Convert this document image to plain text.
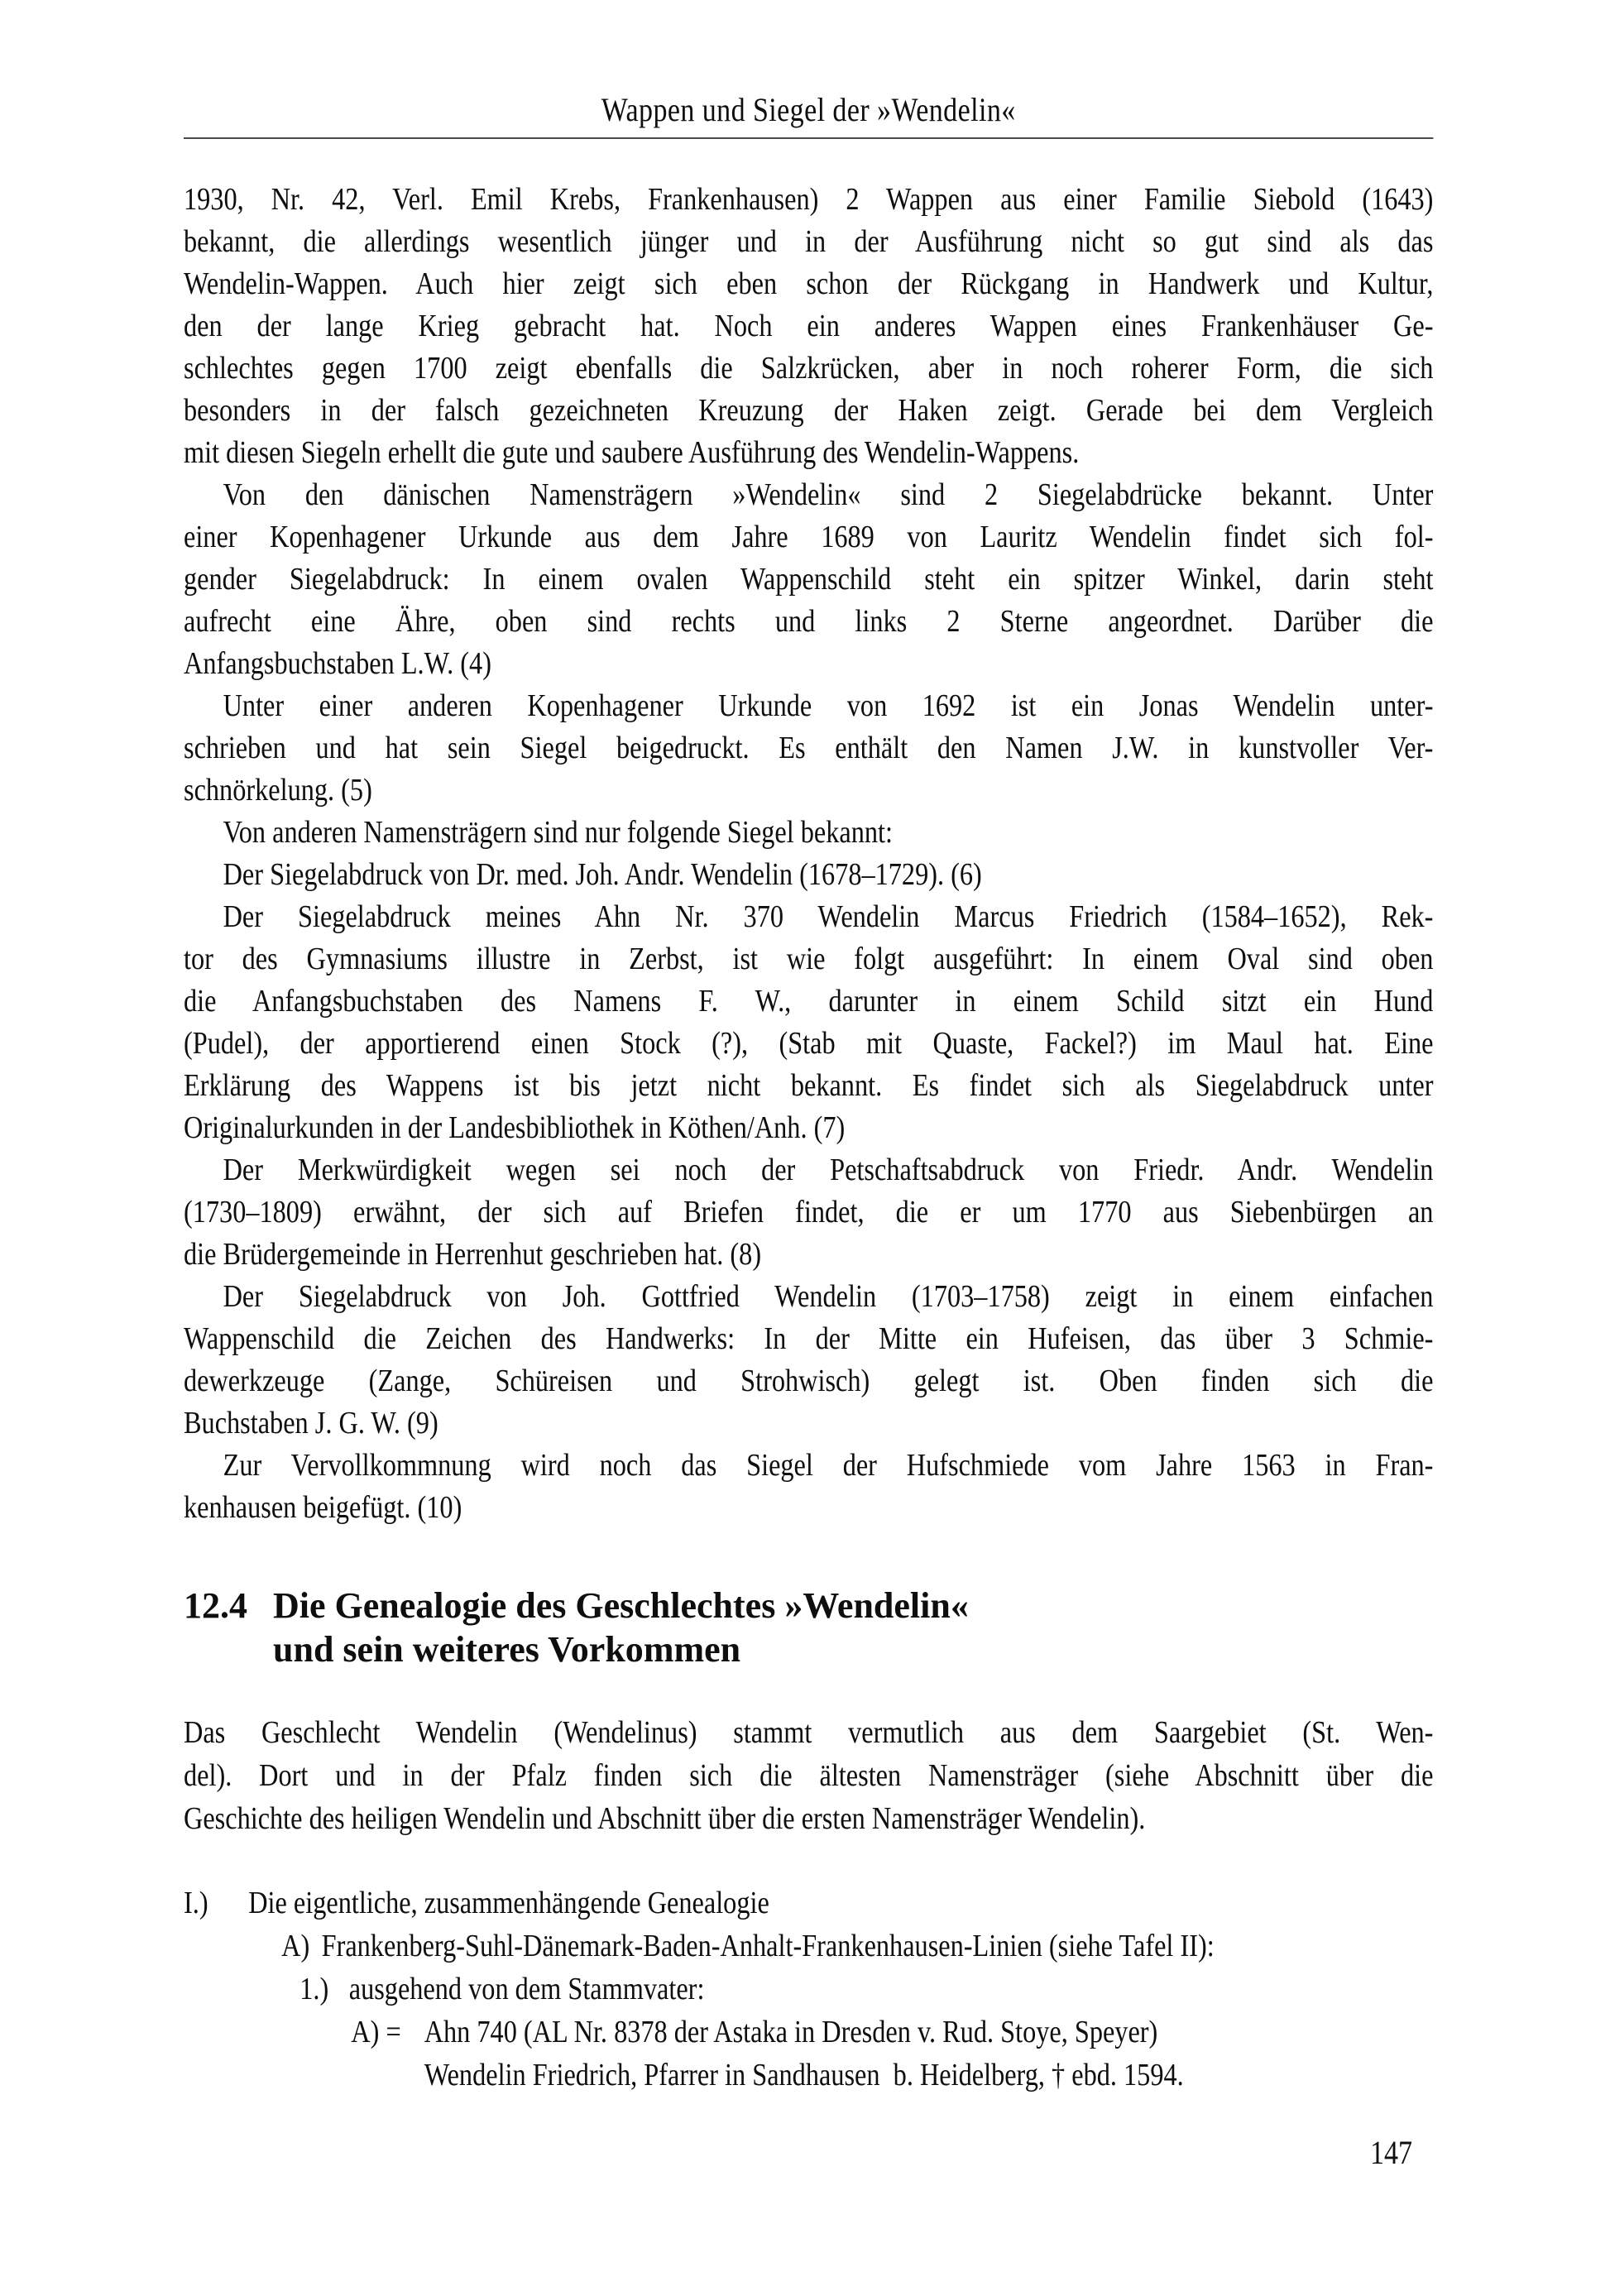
Wappen und Siegel der »Wendelin«
1930, Nr. 42, Verl. Emil Krebs, Frankenhausen) 2 Wappen aus einer Familie Siebold (1643)
bekannt, die allerdings wesentlich jünger und in der Ausführung nicht so gut sind als das
Wendelin-Wappen. Auch hier zeigt sich eben schon der Rückgang in Handwerk und Kultur,
den der lange Krieg gebracht hat. Noch ein anderes Wappen eines Frankenhäuser Ge-
schlechtes gegen 1700 zeigt ebenfalls die Salzkrücken, aber in noch roherer Form, die sich
besonders in der falsch gezeichneten Kreuzung der Haken zeigt. Gerade bei dem Vergleich
mit diesen Siegeln erhellt die gute und saubere Ausführung des Wendelin-Wappens.
Von den dänischen Namensträgern »Wendelin« sind 2 Siegelabdrücke bekannt. Unter
einer Kopenhagener Urkunde aus dem Jahre 1689 von Lauritz Wendelin findet sich fol-
gender Siegelabdruck: In einem ovalen Wappenschild steht ein spitzer Winkel, darin steht
aufrecht eine Ähre, oben sind rechts und links 2 Sterne angeordnet. Darüber die
Anfangsbuchstaben L.W. (4)
Unter einer anderen Kopenhagener Urkunde von 1692 ist ein Jonas Wendelin unter-
schrieben und hat sein Siegel beigedruckt. Es enthält den Namen J.W. in kunstvoller Ver-
schnörkelung. (5)
Von anderen Namensträgern sind nur folgende Siegel bekannt:
Der Siegelabdruck von Dr. med. Joh. Andr. Wendelin (1678–1729). (6)
Der Siegelabdruck meines Ahn Nr. 370 Wendelin Marcus Friedrich (1584–1652), Rek-
tor des Gymnasiums illustre in Zerbst, ist wie folgt ausgeführt: In einem Oval sind oben
die Anfangsbuchstaben des Namens F. W., darunter in einem Schild sitzt ein Hund
(Pudel), der apportierend einen Stock (?), (Stab mit Quaste, Fackel?) im Maul hat. Eine
Erklärung des Wappens ist bis jetzt nicht bekannt. Es findet sich als Siegelabdruck unter
Originalurkunden in der Landesbibliothek in Köthen/Anh. (7)
Der Merkwürdigkeit wegen sei noch der Petschaftsabdruck von Friedr. Andr. Wendelin
(1730–1809) erwähnt, der sich auf Briefen findet, die er um 1770 aus Siebenbürgen an
die Brüdergemeinde in Herrenhut geschrieben hat. (8)
Der Siegelabdruck von Joh. Gottfried Wendelin (1703–1758) zeigt in einem einfachen
Wappenschild die Zeichen des Handwerks: In der Mitte ein Hufeisen, das über 3 Schmie-
dewerkzeuge (Zange, Schüreisen und Strohwisch) gelegt ist. Oben finden sich die
Buchstaben J. G. W. (9)
Zur Vervollkommnung wird noch das Siegel der Hufschmiede vom Jahre 1563 in Fran-
kenhausen beigefügt. (10)
12.4 Die Genealogie des Geschlechtes »Wendelin«
und sein weiteres Vorkommen
Das Geschlecht Wendelin (Wendelinus) stammt vermutlich aus dem Saargebiet (St. Wen-
del). Dort und in der Pfalz finden sich die ältesten Namensträger (siehe Abschnitt über die
Geschichte des heiligen Wendelin und Abschnitt über die ersten Namensträger Wendelin).
I.) Die eigentliche, zusammenhängende Genealogie
A) Frankenberg-Suhl-Dänemark-Baden-Anhalt-Frankenhausen-Linien (siehe Tafel II):
1.) ausgehend von dem Stammvater:
A) = Ahn 740 (AL Nr. 8378 der Astaka in Dresden v. Rud. Stoye, Speyer)
Wendelin Friedrich, Pfarrer in Sandhausen  b. Heidelberg, † ebd. 1594.
147
